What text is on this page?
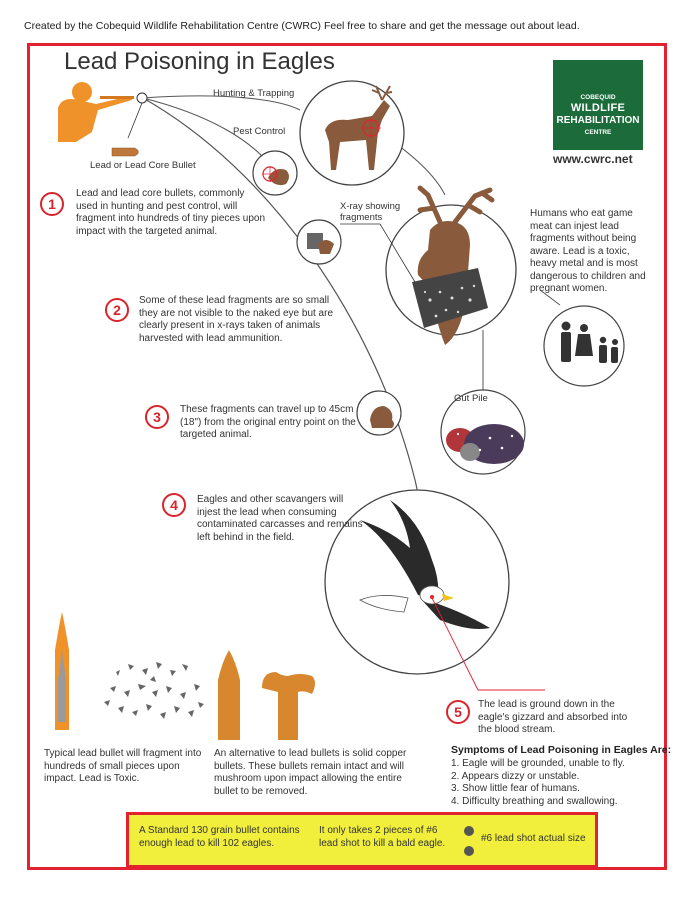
Created by the Cobequid Wildlife Rehabilitation Centre (CWRC) Feel free to share and get the message out about lead.
Lead Poisoning in Eagles
Hunting & Trapping
Pest Control
Lead or Lead Core Bullet
X-ray showing fragments
Gut Pile
COBEQUID
WILDLIFE
REHABILITATION
CENTRE
www.cwrc.net
1
Lead and lead core bullets, commonly used in hunting and pest control, will fragment into hundreds of tiny pieces upon impact with the targeted animal.
2
Some of these lead fragments are so small they are not visible to the naked eye but are clearly present in x-rays taken of animals harvested with lead ammunition.
3	These fragments can travel up to 45cm (18") from the original entry point on the targeted animal.
4	Eagles and other scavangers will injest the lead when consuming contaminated carcasses and remains left behind in the field.
5	The lead is ground down in the eagle's gizzard and absorbed into the blood stream.
Humans who eat game meat can injest lead fragments without being aware. Lead is a toxic, heavy metal and is most dangerous to children and pregnant women.
Typical lead bullet will fragment into hundreds of small pieces upon impact. Lead is Toxic.
An alternative to lead bullets is solid copper bullets. These bullets remain intact and will mushroom upon impact allowing the entire bullet to be removed.
Symptoms of Lead Poisoning in Eagles Are:
1. Eagle will be grounded, unable to fly.
2. Appears dizzy or unstable.
3. Show little fear of humans.
4. Difficulty breathing and swallowing.
A Standard 130 grain bullet contains enough lead to kill 102 eagles.
It only takes 2 pieces of #6 lead shot to kill a bald eagle.	#6 lead shot actual size
